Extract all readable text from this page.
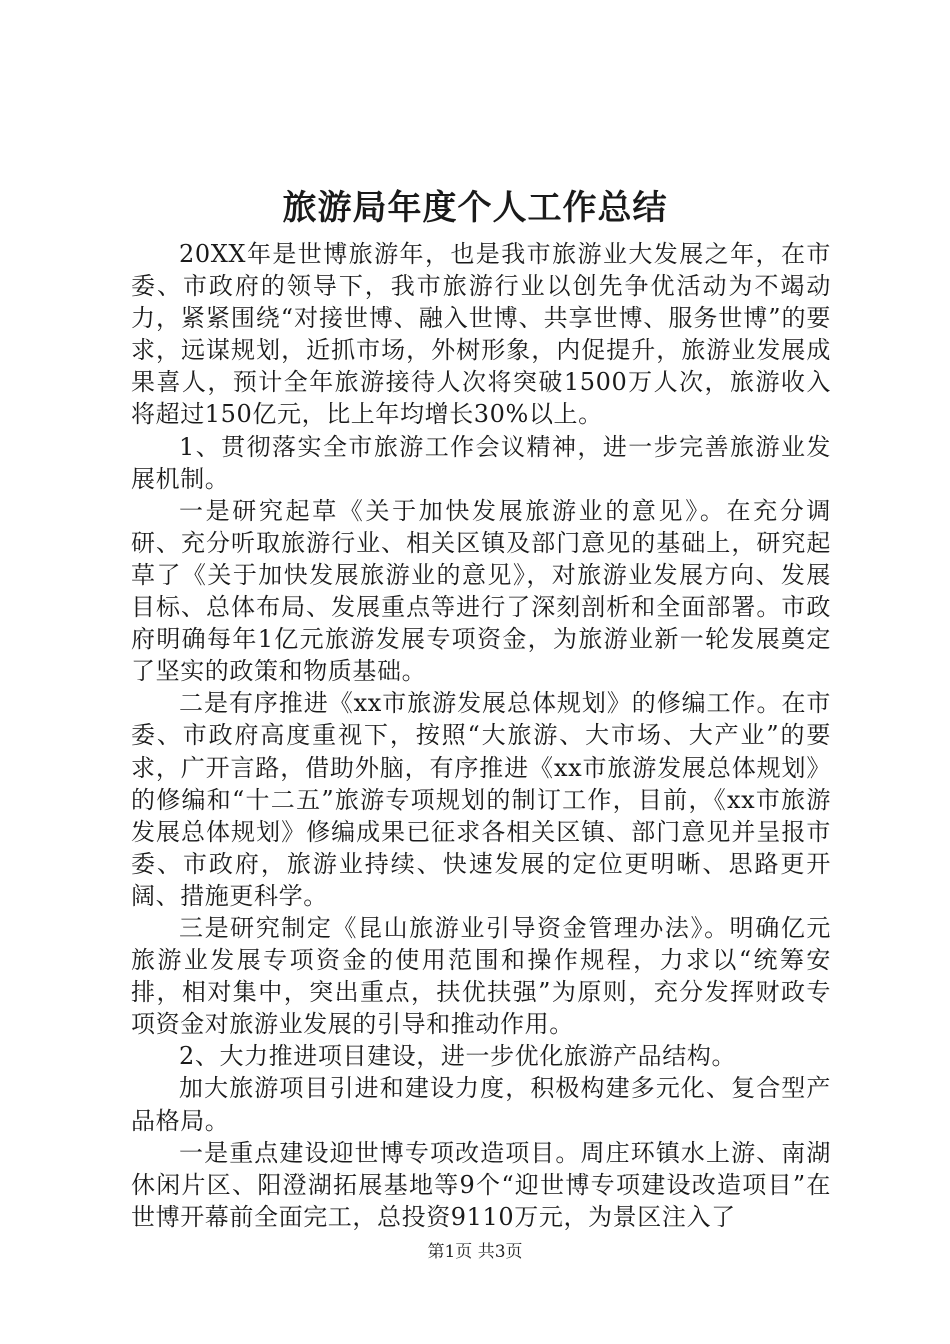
旅游局年度个人工作总结

20XX年是世博旅游年，也是我市旅游业大发展之年，在市委、市政府的领导下，我市旅游行业以创先争优活动为不竭动力，紧紧围绕“对接世博、融入世博、共享世博、服务世博”的要求，远谋规划，近抓市场，外树形象，内促提升，旅游业发展成果喜人，预计全年旅游接待人次将突破1500万人次，旅游收入将超过150亿元，比上年均增长30%以上。

1、贯彻落实全市旅游工作会议精神，进一步完善旅游业发展机制。

一是研究起草《关于加快发展旅游业的意见》。在充分调研、充分听取旅游行业、相关区镇及部门意见的基础上，研究起草了《关于加快发展旅游业的意见》，对旅游业发展方向、发展目标、总体布局、发展重点等进行了深刻剖析和全面部署。市政府明确每年1亿元旅游发展专项资金，为旅游业新一轮发展奠定了坚实的政策和物质基础。

二是有序推进《xx市旅游发展总体规划》的修编工作。在市委、市政府高度重视下，按照“大旅游、大市场、大产业”的要求，广开言路，借助外脑，有序推进《xx市旅游发展总体规划》的修编和“十二五”旅游专项规划的制订工作，目前，《xx市旅游发展总体规划》修编成果已征求各相关区镇、部门意见并呈报市委、市政府，旅游业持续、快速发展的定位更明晰、思路更开阔、措施更科学。

三是研究制定《昆山旅游业引导资金管理办法》。明确亿元旅游业发展专项资金的使用范围和操作规程，力求以“统筹安排，相对集中，突出重点，扶优扶强”为原则，充分发挥财政专项资金对旅游业发展的引导和推动作用。

2、大力推进项目建设，进一步优化旅游产品结构。

加大旅游项目引进和建设力度，积极构建多元化、复合型产品格局。

一是重点建设迎世博专项改造项目。周庄环镇水上游、南湖休闲片区、阳澄湖拓展基地等9个“迎世博专项建设改造项目”在世博开幕前全面完工，总投资9110万元，为景区注入了

第1页 共3页
